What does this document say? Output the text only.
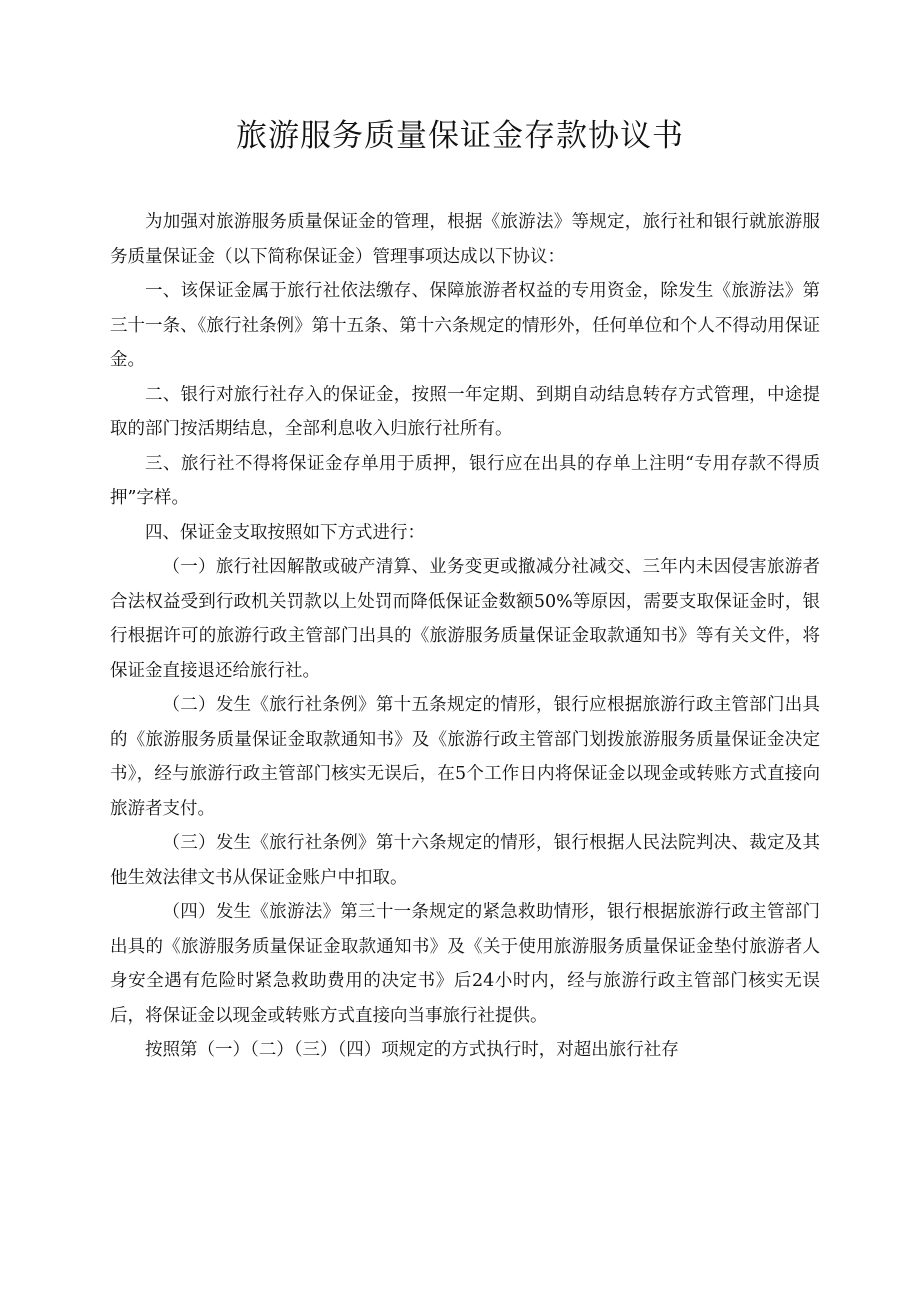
旅游服务质量保证金存款协议书

为加强对旅游服务质量保证金的管理，根据《旅游法》等规定，旅行社和银行就旅游服务质量保证金（以下简称保证金）管理事项达成以下协议：

一、该保证金属于旅行社依法缴存、保障旅游者权益的专用资金，除发生《旅游法》第三十一条、《旅行社条例》第十五条、第十六条规定的情形外，任何单位和个人不得动用保证金。

二、银行对旅行社存入的保证金，按照一年定期、到期自动结息转存方式管理，中途提取的部门按活期结息，全部利息收入归旅行社所有。

三、旅行社不得将保证金存单用于质押，银行应在出具的存单上注明“专用存款不得质押”字样。

四、保证金支取按照如下方式进行：

（一）旅行社因解散或破产清算、业务变更或撤减分社减交、三年内未因侵害旅游者合法权益受到行政机关罚款以上处罚而降低保证金数额50%等原因，需要支取保证金时，银行根据许可的旅游行政主管部门出具的《旅游服务质量保证金取款通知书》等有关文件，将保证金直接退还给旅行社。

（二）发生《旅行社条例》第十五条规定的情形，银行应根据旅游行政主管部门出具的《旅游服务质量保证金取款通知书》及《旅游行政主管部门划拨旅游服务质量保证金决定书》，经与旅游行政主管部门核实无误后，在5个工作日内将保证金以现金或转账方式直接向旅游者支付。

（三）发生《旅行社条例》第十六条规定的情形，银行根据人民法院判决、裁定及其他生效法律文书从保证金账户中扣取。

（四）发生《旅游法》第三十一条规定的紧急救助情形，银行根据旅游行政主管部门出具的《旅游服务质量保证金取款通知书》及《关于使用旅游服务质量保证金垫付旅游者人身安全遇有危险时紧急救助费用的决定书》后24小时内，经与旅游行政主管部门核实无误后，将保证金以现金或转账方式直接向当事旅行社提供。

按照第（一）（二）（三）（四）项规定的方式执行时，对超出旅行社存
